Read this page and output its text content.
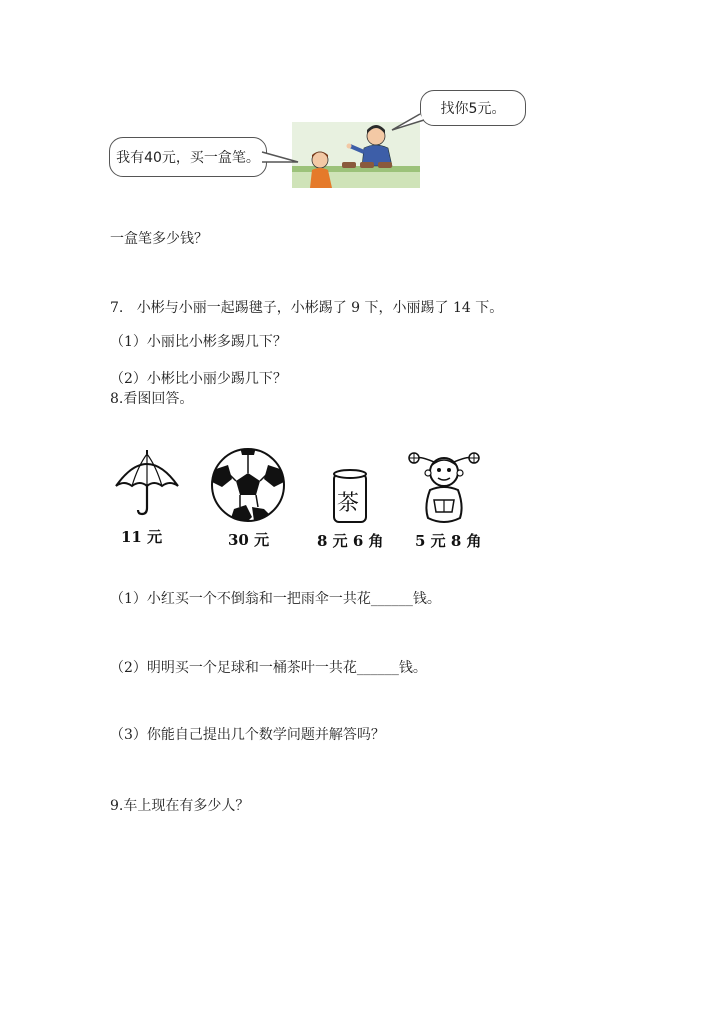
我有40元，买一盒笔。
找你5元。
一盒笔多少钱？
7.   小彬与小丽一起踢毽子，小彬踢了 9 下，小丽踢了 14 下。
（1）小丽比小彬多踢几下？
（2）小彬比小丽少踢几下？
8.看图回答。
11 元	30 元
茶
8 元 6 角 5 元 8 角
（1）小红买一个不倒翁和一把雨伞一共花______钱。
（2）明明买一个足球和一桶茶叶一共花______钱。
（3）你能自己提出几个数学问题并解答吗？
9.车上现在有多少人？
